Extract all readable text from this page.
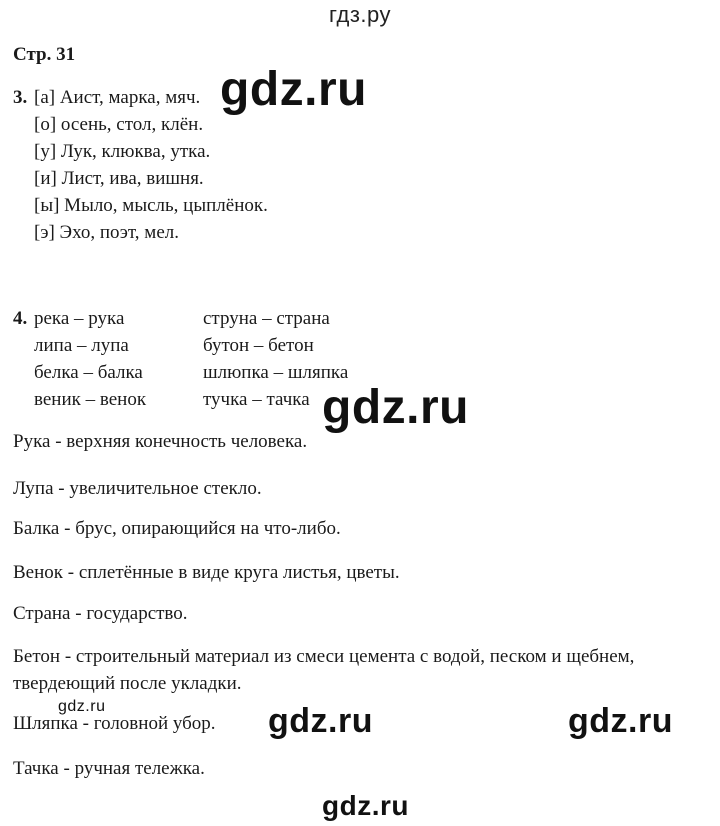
гдз.ру
Стр. 31
3. [а] Аист, марка, мяч.
[о] осень, стол, клён.
[у] Лук, клюква, утка.
[и] Лист, ива, вишня.
[ы] Мыло, мысль, цыплёнок.
[э] Эхо, поэт, мел.
4. река – рука
липа – лупа
белка – балка
веник – венок
струна – страна
бутон – бетон
шлюпка – шляпка
тучка – тачка
Рука - верхняя конечность человека.
Лупа - увеличительное стекло.
Балка - брус, опирающийся на что-либо.
Венок - сплетённые в виде круга листья, цветы.
Страна - государство.
Бетон - строительный материал из смеси цемента с водой, песком и щебнем,
твердеющий после укладки.
Шляпка - головной убор.
Тачка - ручная тележка.
gdz.ru
gdz.ru
gdz.ru	gdz.ru	gdz.ru
gdz.ru
